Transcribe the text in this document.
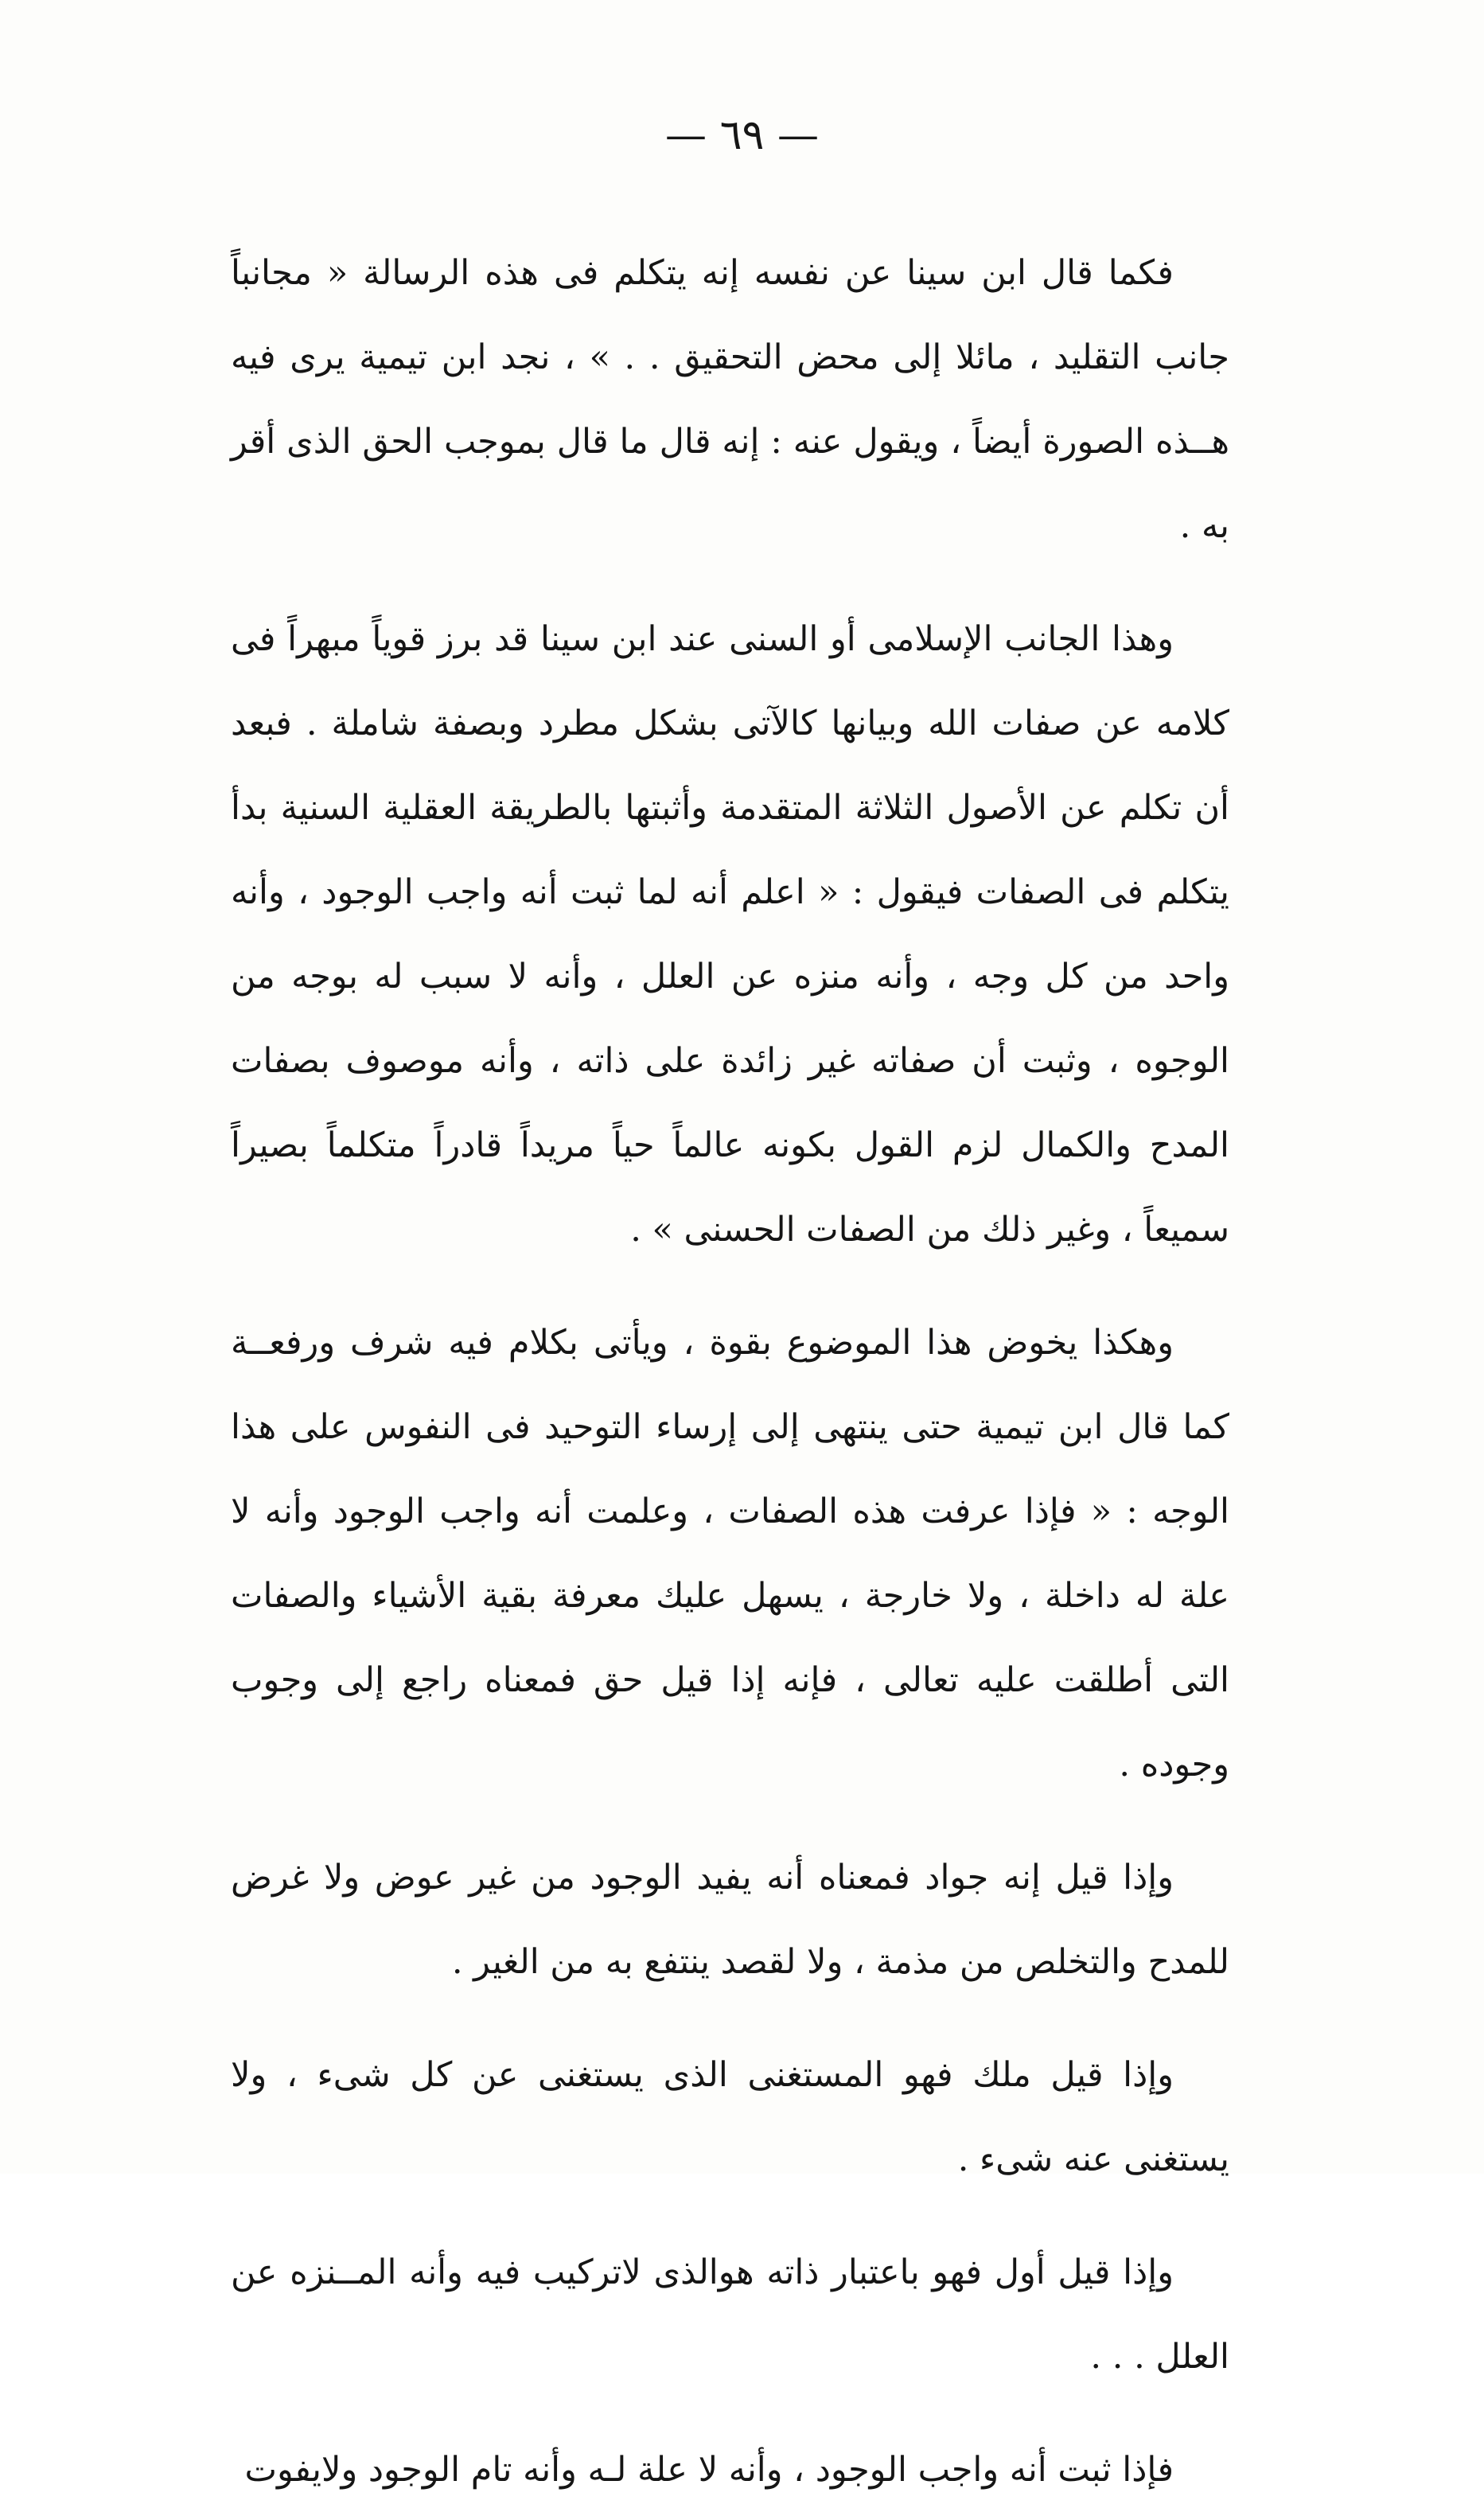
— ٦٩ —

فكما قال ابن سينا عن نفسه إنه يتكلم فى هذه الرسالة « مجانباً جانب التقليد ، مائلا إلى محض التحقيق . . » ، نجد ابن تيمية يرى فيه هــذه الصورة أيضاً ، ويقول عنه : إنه قال ما قال بموجب الحق الذى أقر به .

وهذا الجانب الإسلامى أو السنى عند ابن سينا قد برز قوياً مبهراً فى كلامه عن صفات الله وبيانها كالآتى بشكل مطرد وبصفة شاملة . فبعد أن تكلم عن الأصول الثلاثة المتقدمة وأثبتها بالطريقة العقلية السنية بدأ يتكلم فى الصفات فيقول : « اعلم أنه لما ثبت أنه واجب الوجود ، وأنه واحد من كل وجه ، وأنه منزه عن العلل ، وأنه لا سبب له بوجه من الوجوه ، وثبت أن صفاته غير زائدة على ذاته ، وأنه موصوف بصفات المدح والكمال لزم القول بكونه عالماً حياً مريداً قادراً متكلماً بصيراً سميعاً ، وغير ذلك من الصفات الحسنى » .

وهكذا يخوض هذا الموضوع بقوة ، ويأتى بكلام فيه شرف ورفعــة كما قال ابن تيمية حتى ينتهى إلى إرساء التوحيد فى النفوس على هذا الوجه : « فإذا عرفت هذه الصفات ، وعلمت أنه واجب الوجود وأنه لا علة له داخلة ، ولا خارجة ، يسهل عليك معرفة بقية الأشياء والصفات التى أطلقت عليه تعالى ، فإنه إذا قيل حق فمعناه راجع إلى وجوب وجوده .

وإذا قيل إنه جواد فمعناه أنه يفيد الوجود من غير عوض ولا غرض للمدح والتخلص من مذمة ، ولا لقصد ينتفع به من الغير .

وإذا قيل ملك فهو المستغنى الذى يستغنى عن كل شىء ، ولا يستغنى عنه شىء .

وإذا قيل أول فهو باعتبار ذاته هوالذى لاتركيب فيه وأنه المــنزه عن العلل . . .

فإذا ثبت أنه واجب الوجود ، وأنه لا علة لـه وأنه تام الوجود ولايفوت
